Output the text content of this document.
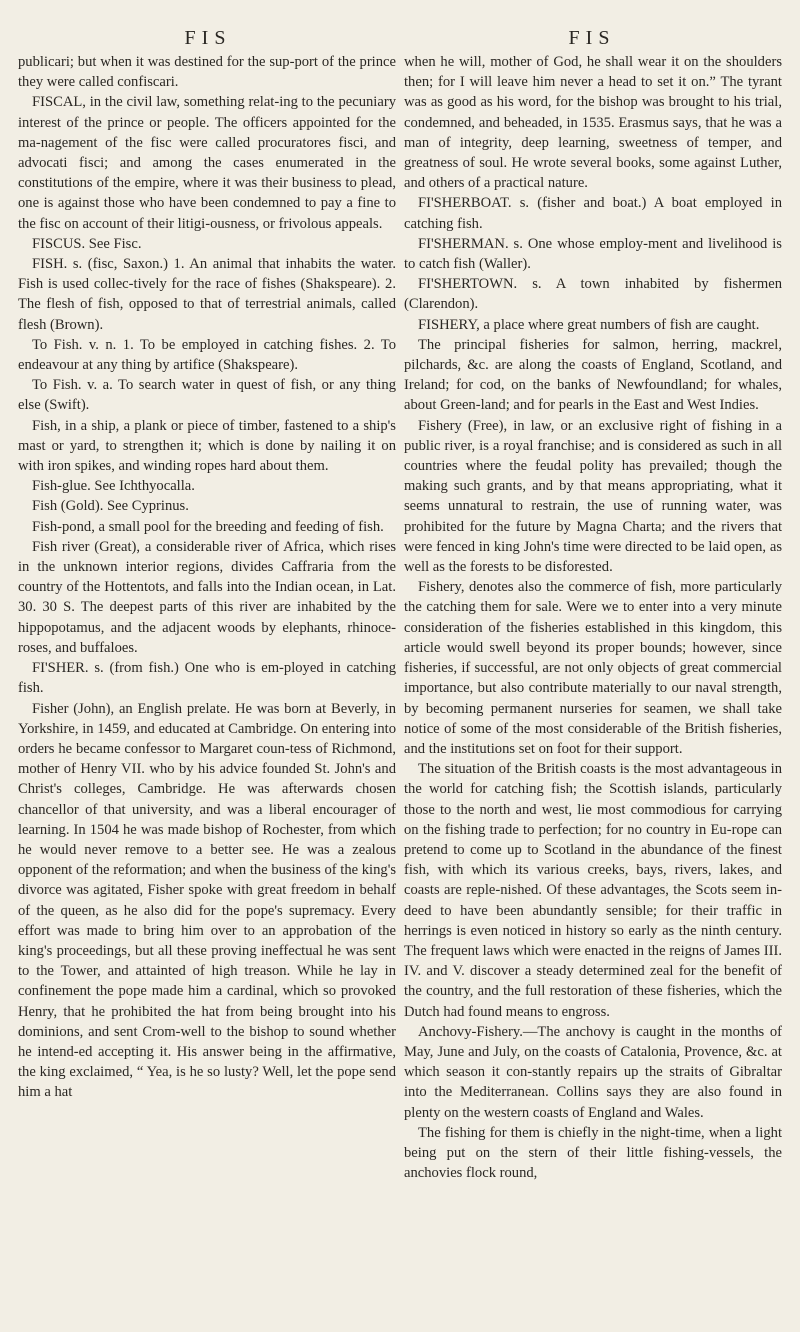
FIS	FIS

publicari; but when it was destined for the sup-port of the prince they were called confiscari.

FISCAL, in the civil law, something relat-ing to the pecuniary interest of the prince or people. The officers appointed for the ma-nagement of the fisc were called procuratores fisci, and advocati fisci; and among the cases enumerated in the constitutions of the empire, where it was their business to plead, one is against those who have been condemned to pay a fine to the fisc on account of their litigi-ousness, or frivolous appeals.

FISCUS. See Fisc.

FISH. s. (fisc, Saxon.) 1. An animal that inhabits the water. Fish is used collec-tively for the race of fishes (Shakspeare). 2. The flesh of fish, opposed to that of terrestrial animals, called flesh (Brown).

To Fish. v. n. 1. To be employed in catching fishes. 2. To endeavour at any thing by artifice (Shakspeare).

To Fish. v. a. To search water in quest of fish, or any thing else (Swift).

Fish, in a ship, a plank or piece of timber, fastened to a ship's mast or yard, to strengthen it; which is done by nailing it on with iron spikes, and winding ropes hard about them.

Fish-glue. See Ichthyocalla.

Fish (Gold). See Cyprinus.

Fish-pond, a small pool for the breeding and feeding of fish.

Fish river (Great), a considerable river of Africa, which rises in the unknown interior regions, divides Caffraria from the country of the Hottentots, and falls into the Indian ocean, in Lat. 30. 30 S. The deepest parts of this river are inhabited by the hippopotamus, and the adjacent woods by elephants, rhinoce-roses, and buffaloes.

FI'SHER. s. (from fish.) One who is em-ployed in catching fish.

Fisher (John), an English prelate. He was born at Beverly, in Yorkshire, in 1459, and educated at Cambridge. On entering into orders he became confessor to Margaret coun-tess of Richmond, mother of Henry VII. who by his advice founded St. John's and Christ's colleges, Cambridge. He was afterwards chosen chancellor of that university, and was a liberal encourager of learning. In 1504 he was made bishop of Rochester, from which he would never remove to a better see. He was a zealous opponent of the reformation; and when the business of the king's divorce was agitated, Fisher spoke with great freedom in behalf of the queen, as he also did for the pope's supremacy. Every effort was made to bring him over to an approbation of the king's proceedings, but all these proving ineffectual he was sent to the Tower, and attainted of high treason. While he lay in confinement the pope made him a cardinal, which so provoked Henry, that he prohibited the hat from being brought into his dominions, and sent Crom-well to the bishop to sound whether he intend-ed accepting it. His answer being in the affirmative, the king exclaimed, “ Yea, is he so lusty? Well, let the pope send him a hat

when he will, mother of God, he shall wear it on the shoulders then; for I will leave him never a head to set it on.” The tyrant was as good as his word, for the bishop was brought to his trial, condemned, and beheaded, in 1535. Erasmus says, that he was a man of integrity, deep learning, sweetness of temper, and greatness of soul. He wrote several books, some against Luther, and others of a practical nature.

FI'SHERBOAT. s. (fisher and boat.) A boat employed in catching fish.

FI'SHERMAN. s. One whose employ-ment and livelihood is to catch fish (Waller).

FI'SHERTOWN. s. A town inhabited by fishermen (Clarendon).

FISHERY, a place where great numbers of fish are caught.

The principal fisheries for salmon, herring, mackrel, pilchards, &c. are along the coasts of England, Scotland, and Ireland; for cod, on the banks of Newfoundland; for whales, about Green-land; and for pearls in the East and West Indies.

Fishery (Free), in law, or an exclusive right of fishing in a public river, is a royal franchise; and is considered as such in all countries where the feudal polity has prevailed; though the making such grants, and by that means appropriating, what it seems unnatural to restrain, the use of running water, was prohibited for the future by Magna Charta; and the rivers that were fenced in king John's time were directed to be laid open, as well as the forests to be disforested.

Fishery, denotes also the commerce of fish, more particularly the catching them for sale. Were we to enter into a very minute consideration of the fisheries established in this kingdom, this article would swell beyond its proper bounds; however, since fisheries, if successful, are not only objects of great commercial importance, but also contribute materially to our naval strength, by becoming permanent nurseries for seamen, we shall take notice of some of the most considerable of the British fisheries, and the institutions set on foot for their support.

The situation of the British coasts is the most advantageous in the world for catching fish; the Scottish islands, particularly those to the north and west, lie most commodious for carrying on the fishing trade to perfection; for no country in Eu-rope can pretend to come up to Scotland in the abundance of the finest fish, with which its various creeks, bays, rivers, lakes, and coasts are reple-nished. Of these advantages, the Scots seem in-deed to have been abundantly sensible; for their traffic in herrings is even noticed in history so early as the ninth century. The frequent laws which were enacted in the reigns of James III. IV. and V. discover a steady determined zeal for the benefit of the country, and the full restoration of these fisheries, which the Dutch had found means to engross.

Anchovy-Fishery.—The anchovy is caught in the months of May, June and July, on the coasts of Catalonia, Provence, &c. at which season it con-stantly repairs up the straits of Gibraltar into the Mediterranean. Collins says they are also found in plenty on the western coasts of England and Wales.

The fishing for them is chiefly in the night-time, when a light being put on the stern of their little fishing-vessels, the anchovies flock round,
